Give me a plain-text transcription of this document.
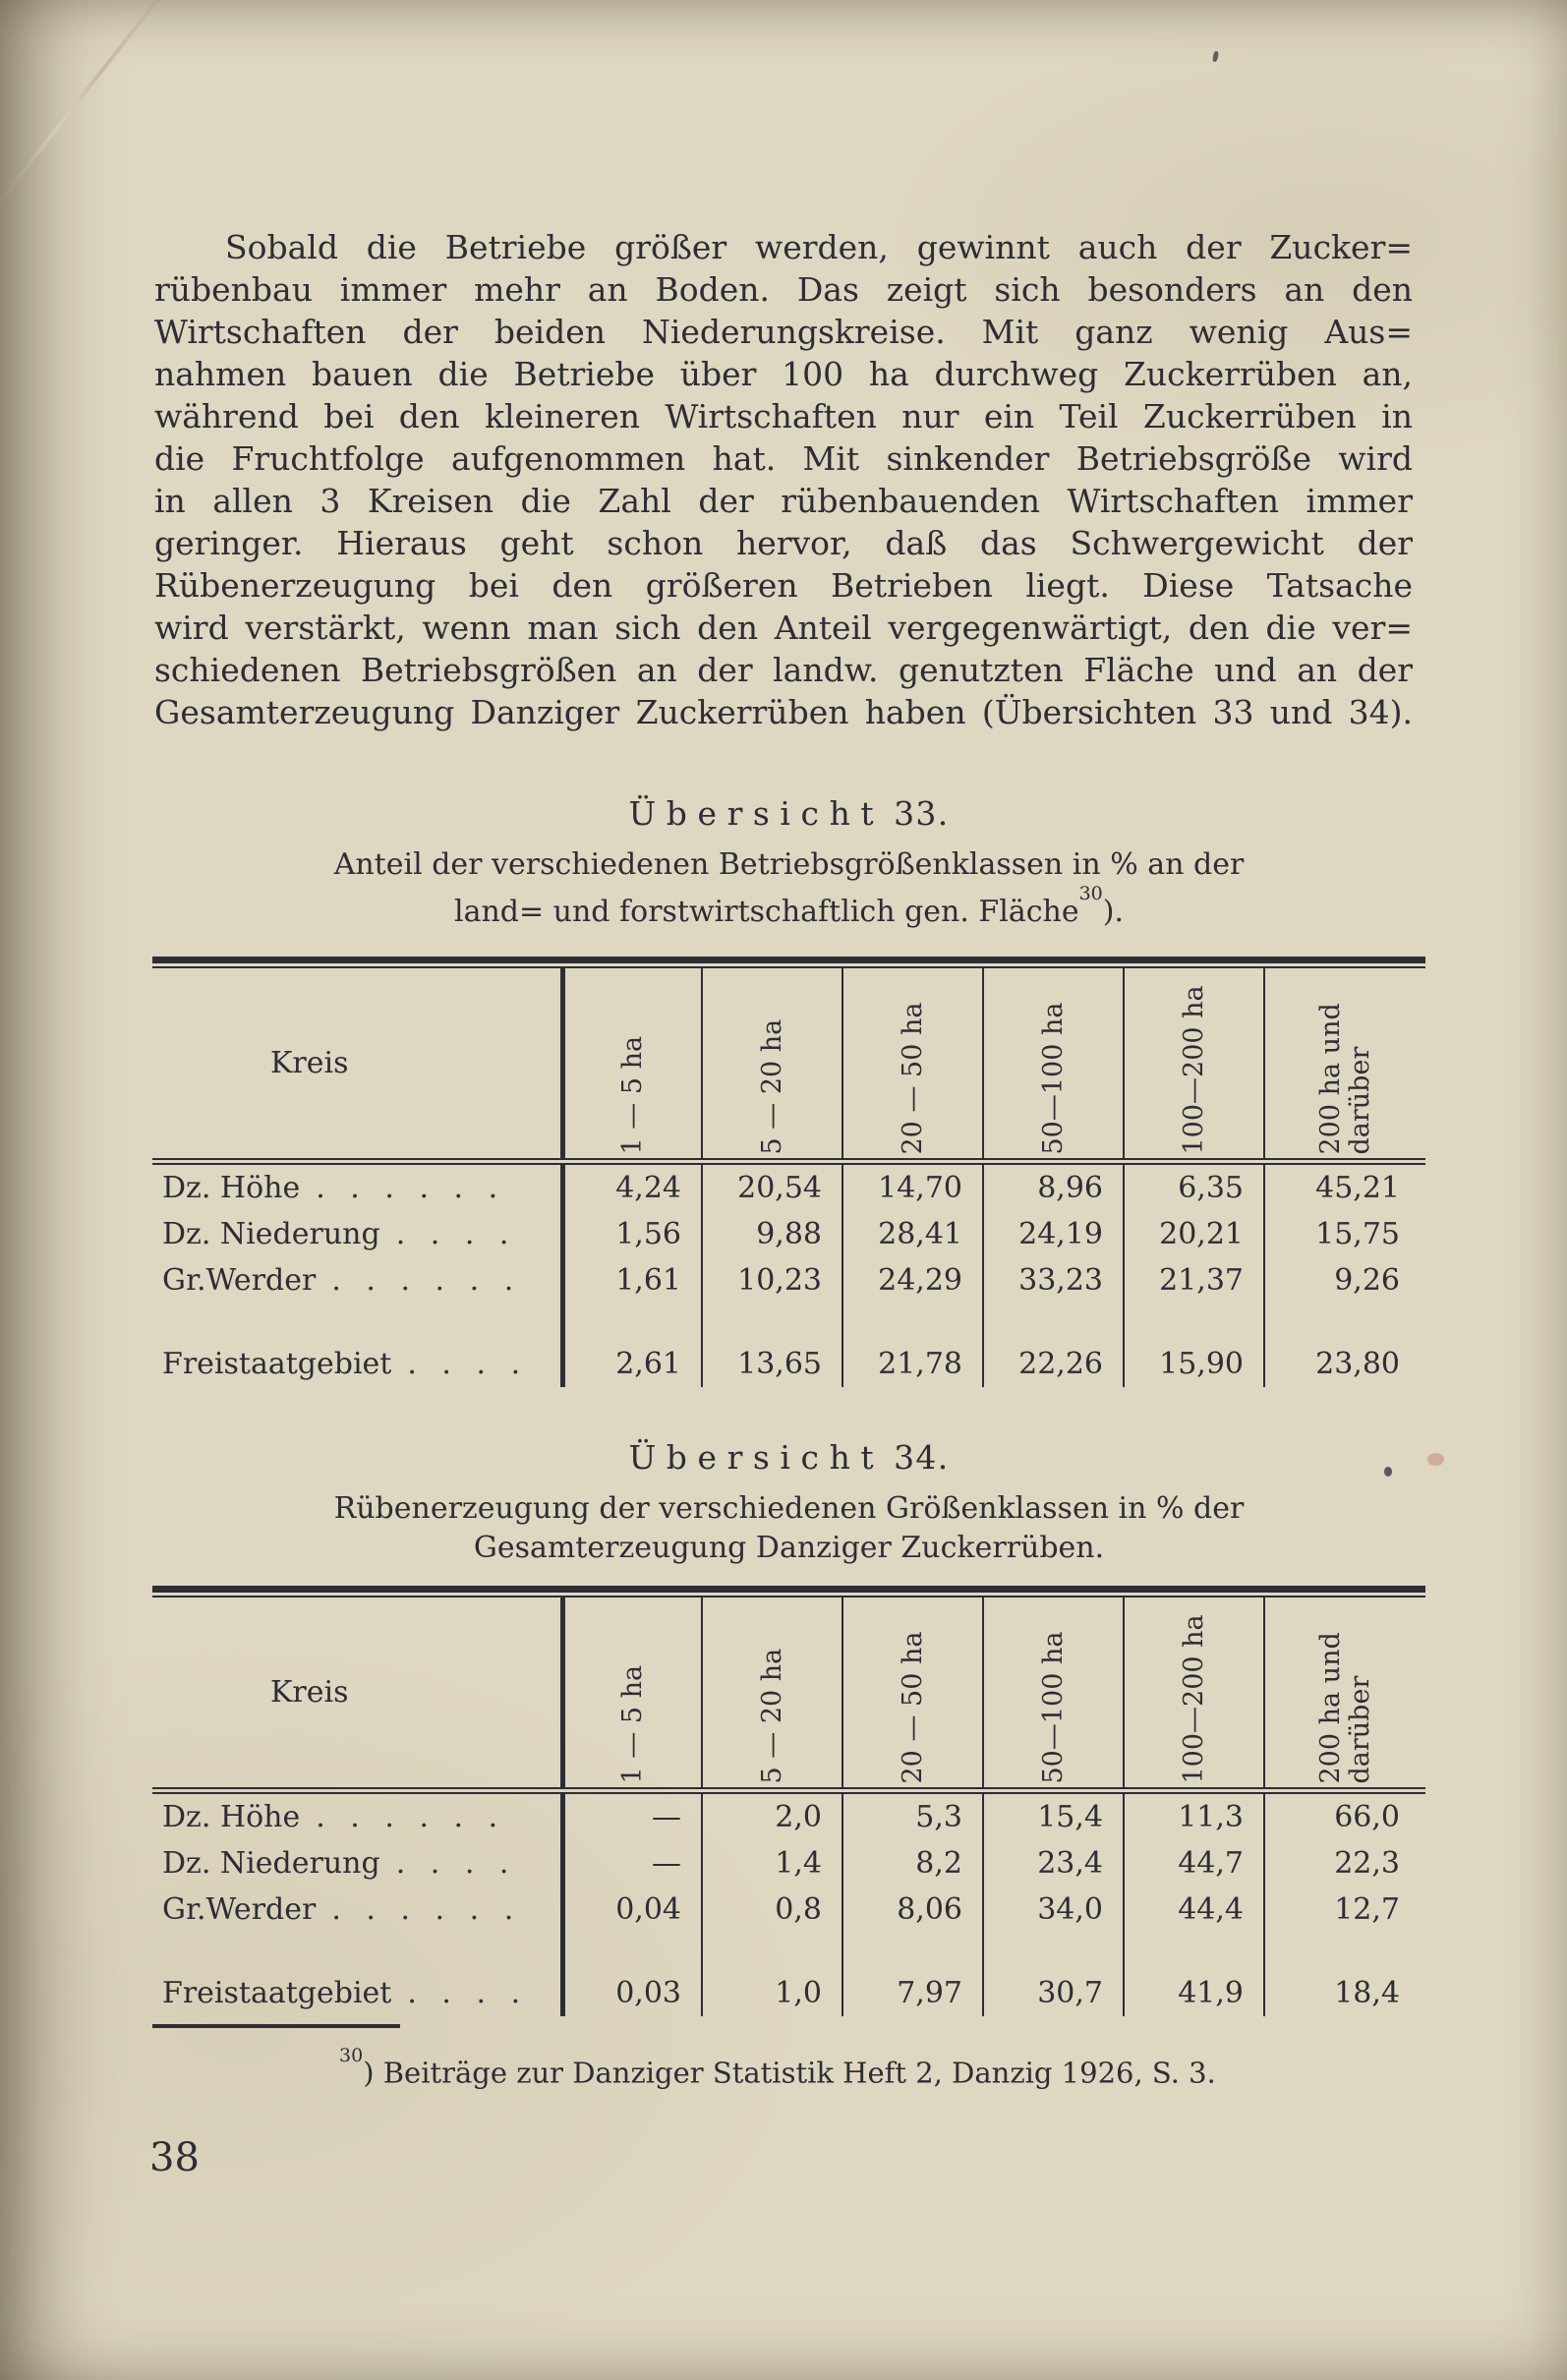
Sobald die Betriebe größer werden, gewinnt auch der Zucker=
rübenbau immer mehr an Boden. Das zeigt sich besonders an den
Wirtschaften der beiden Niederungskreise. Mit ganz wenig Aus=
nahmen bauen die Betriebe über 100 ha durchweg Zuckerrüben an,
während bei den kleineren Wirtschaften nur ein Teil Zuckerrüben in
die Fruchtfolge aufgenommen hat. Mit sinkender Betriebsgröße wird
in allen 3 Kreisen die Zahl der rübenbauenden Wirtschaften immer
geringer. Hieraus geht schon hervor, daß das Schwergewicht der
Rübenerzeugung bei den größeren Betrieben liegt. Diese Tatsache
wird verstärkt, wenn man sich den Anteil vergegenwärtigt, den die ver=
schiedenen Betriebsgrößen an der landw. genutzten Fläche und an der
Gesamterzeugung Danziger Zuckerrüben haben (Übersichten 33 und 34).
Übersicht 33.
Anteil der verschiedenen Betriebsgrößenklassen in % an der
land= und forstwirtschaftlich gen. Fläche$^{30}$).
Kreis	1 — 5 ha	5 — 20 ha	20 — 50 ha	50—100 ha	100—200 ha	200 ha und darüber
Dz. Höhe . . . . . .	4,24	20,54	14,70	8,96	6,35	45,21
Dz. Niederung . . . .	1,56	9,88	28,41	24,19	20,21	15,75
Gr.Werder . . . . . .	1,61	10,23	24,29	33,23	21,37	9,26
Freistaatgebiet . . . .	2,61	13,65	21,78	22,26	15,90	23,80
Übersicht 34.
Rübenerzeugung der verschiedenen Größenklassen in % der
Gesamterzeugung Danziger Zuckerrüben.
Kreis	1 — 5 ha	5 — 20 ha	20 — 50 ha	50—100 ha	100—200 ha	200 ha und darüber
Dz. Höhe . . . . . .	—	2,0	5,3	15,4	11,3	66,0
Dz. Niederung . . . .	—	1,4	8,2	23,4	44,7	22,3
Gr.Werder . . . . . .	0,04	0,8	8,06	34,0	44,4	12,7
Freistaatgebiet . . . .	0,03	1,0	7,97	30,7	41,9	18,4
$^{30}$) Beiträge zur Danziger Statistik Heft 2, Danzig 1926, S. 3.
38
